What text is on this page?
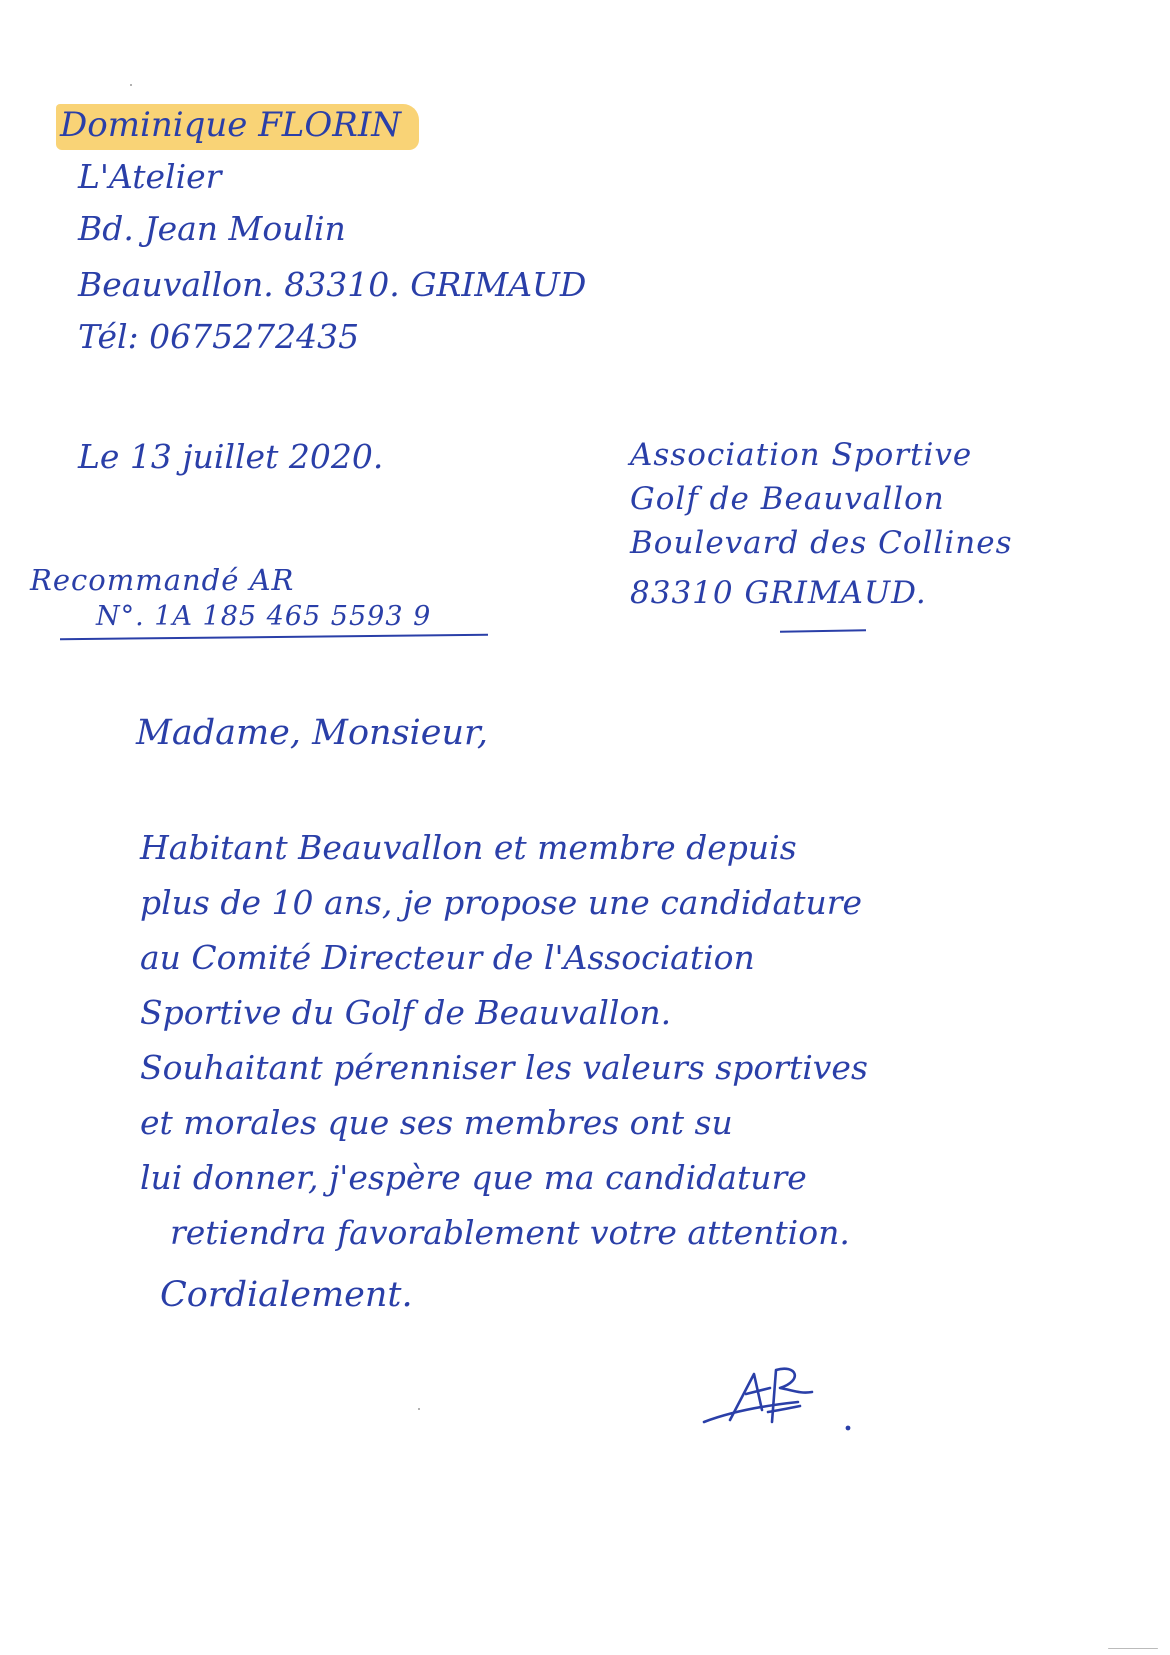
Dominique FLORIN
L'Atelier
Bd. Jean Moulin
Beauvallon. 83310. GRIMAUD
Tél: 0675272435
Le 13 juillet 2020.	Association Sportive
Golf de Beauvallon
Boulevard des Collines
83310 GRIMAUD.
Recommandé AR
N°. 1A 185 465 5593 9
Madame, Monsieur,
Habitant Beauvallon et membre depuis
plus de 10 ans, je propose une candidature
au Comité Directeur de l'Association
Sportive du Golf de Beauvallon.
Souhaitant pérenniser les valeurs sportives
et morales que ses membres ont su
lui donner, j'espère que ma candidature
retiendra favorablement votre attention.
Cordialement.
